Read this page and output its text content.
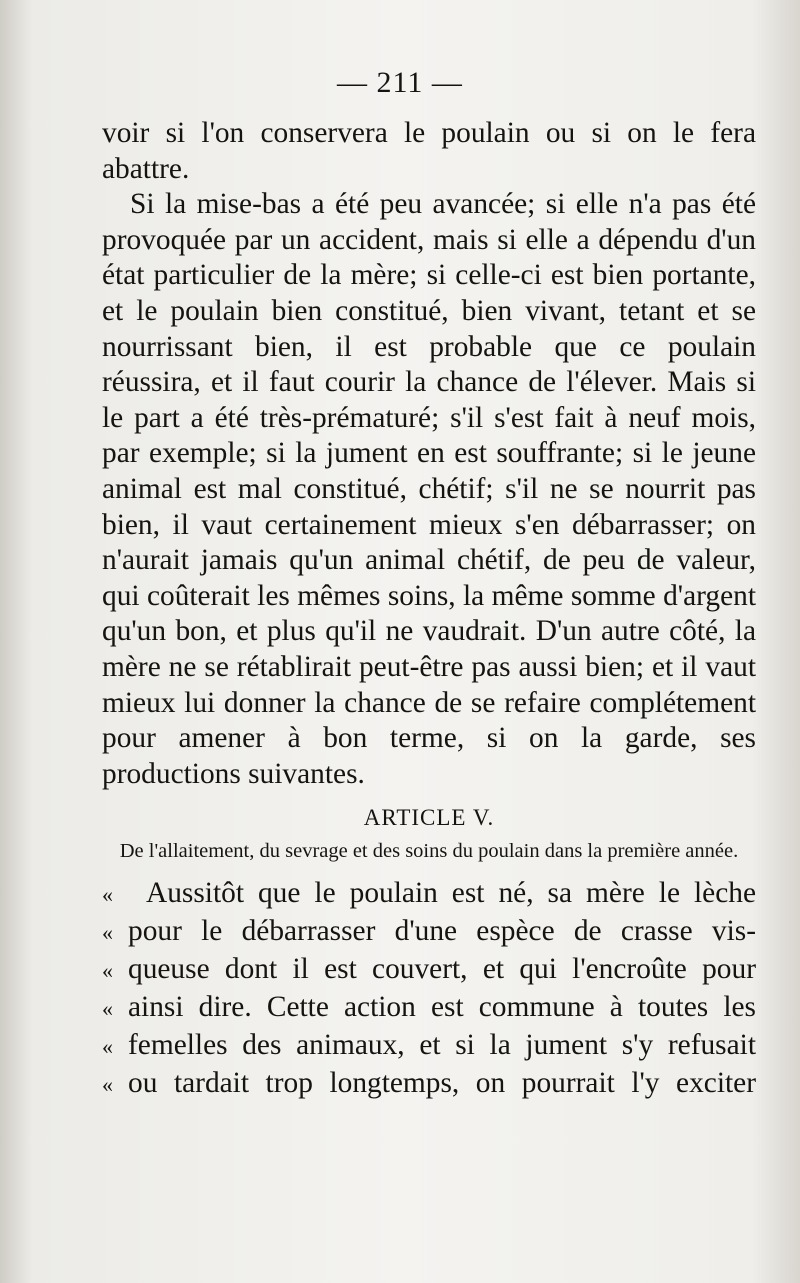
— 211 —

voir si l'on conservera le poulain ou si on le fera abattre.

Si la mise-bas a été peu avancée; si elle n'a pas été provoquée par un accident, mais si elle a dépendu d'un état particulier de la mère; si celle-ci est bien portante, et le poulain bien constitué, bien vivant, tetant et se nourrissant bien, il est probable que ce poulain réussira, et il faut courir la chance de l'élever. Mais si le part a été très-prématuré; s'il s'est fait à neuf mois, par exemple; si la jument en est souffrante; si le jeune animal est mal constitué, chétif; s'il ne se nourrit pas bien, il vaut certainement mieux s'en débarrasser; on n'aurait jamais qu'un animal chétif, de peu de valeur, qui coûterait les mêmes soins, la même somme d'argent qu'un bon, et plus qu'il ne vaudrait. D'un autre côté, la mère ne se rétablirait peut-être pas aussi bien; et il vaut mieux lui donner la chance de se refaire complétement pour amener à bon terme, si on la garde, ses productions suivantes.

ARTICLE V.

De l'allaitement, du sevrage et des soins du poulain dans la première année.

«	Aussitôt que le poulain est né, sa mère le lèche
« pour le débarrasser d'une espèce de crasse vis-
« queuse dont il est couvert, et qui l'encroûte pour
« ainsi dire. Cette action est commune à toutes les
« femelles des animaux, et si la jument s'y refusait
« ou tardait trop longtemps, on pourrait l'y exciter
